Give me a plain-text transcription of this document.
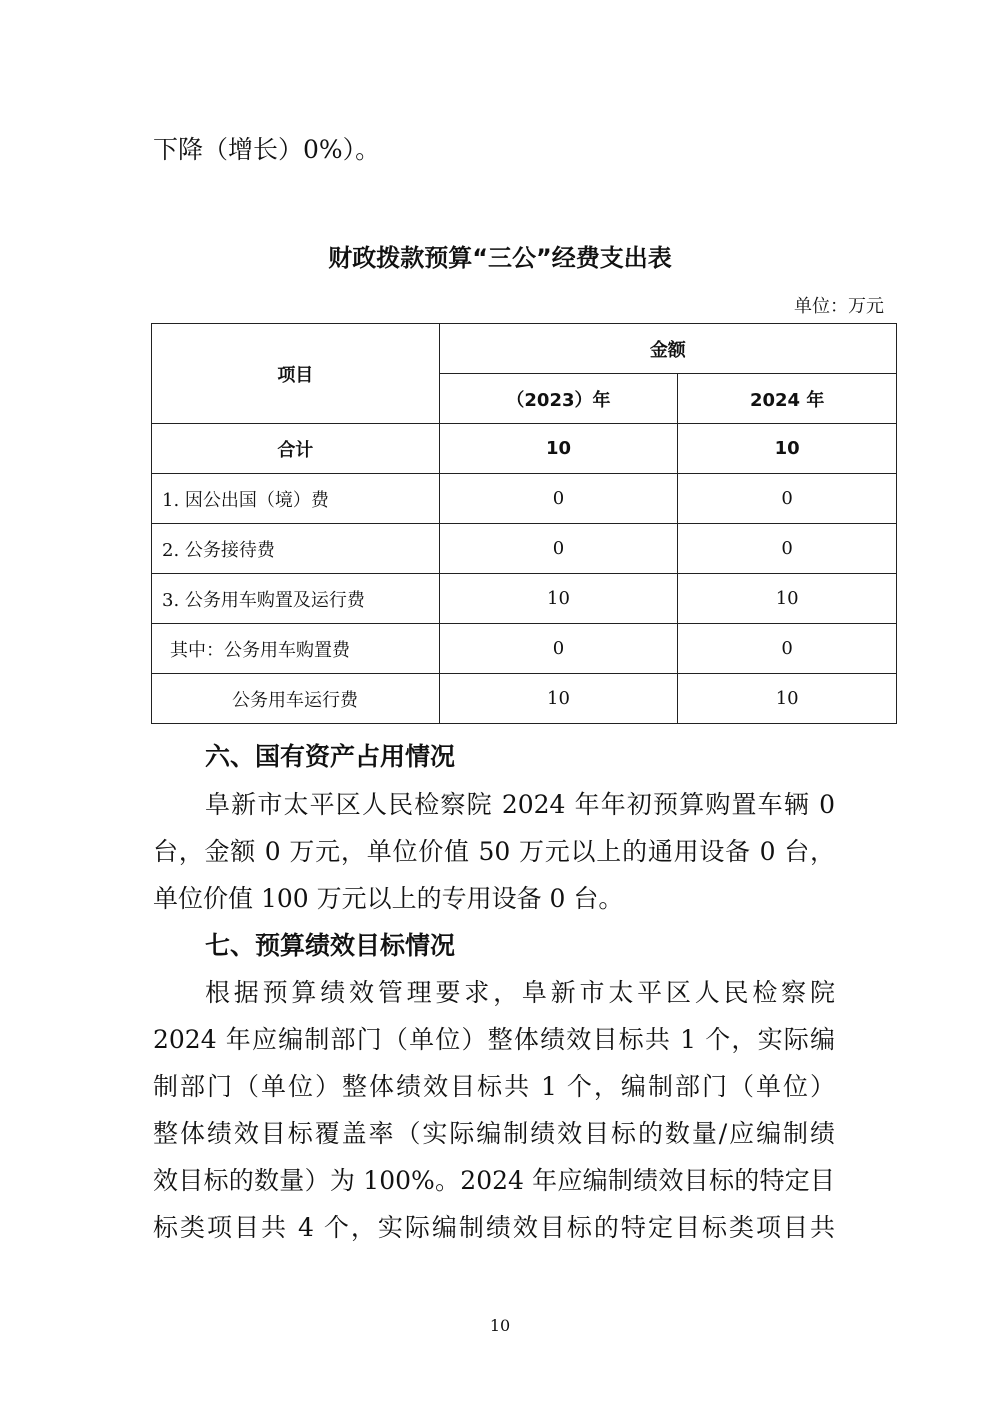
下降（增长）0%）。
财政拨款预算“三公”经费支出表
单位：万元
项目	金额	
	（2023）年	2024 年
合计	10	10
1. 因公出国（境）费	0	0
2. 公务接待费	0	0
3. 公务用车购置及运行费	10	10
其中：公务用车购置费	0	0
公务用车运行费	10	10
六、国有资产占用情况
阜新市太平区人民检察院 2024 年年初预算购置车辆 0
台，金额 0 万元，单位价值 50 万元以上的通用设备 0 台，
单位价值 100 万元以上的专用设备 0 台。
七、预算绩效目标情况
根据预算绩效管理要求，阜新市太平区人民检察院
2024 年应编制部门（单位）整体绩效目标共 1 个，实际编
制部门（单位）整体绩效目标共 1 个，编制部门（单位）
整体绩效目标覆盖率（实际编制绩效目标的数量/应编制绩
效目标的数量）为 100%。2024 年应编制绩效目标的特定目
标类项目共 4 个，实际编制绩效目标的特定目标类项目共
10
